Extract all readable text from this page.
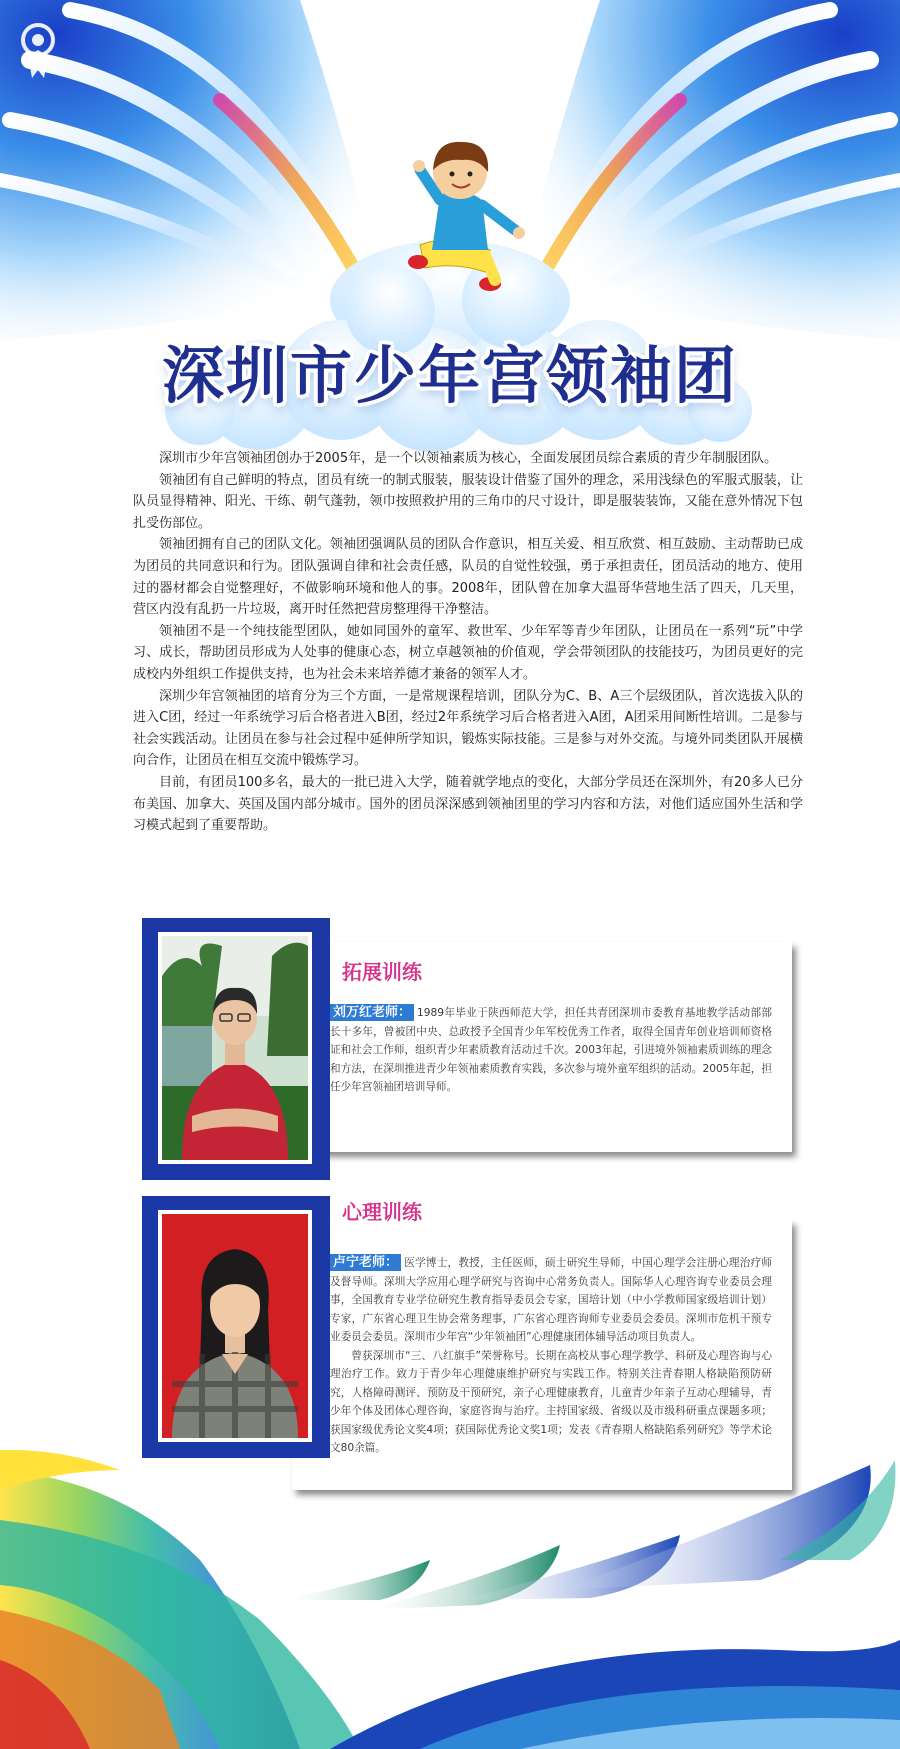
深圳市少年宫领袖团

深圳市少年宫领袖团创办于2005年，是一个以领袖素质为核心，全面发展团员综合素质的青少年制服团队。

领袖团有自己鲜明的特点，团员有统一的制式服装，服装设计借鉴了国外的理念，采用浅绿色的军服式服装，让队员显得精神、阳光、干练、朝气蓬勃，领巾按照救护用的三角巾的尺寸设计，即是服装装饰，又能在意外情况下包扎受伤部位。

领袖团拥有自己的团队文化。领袖团强调队员的团队合作意识，相互关爱、相互欣赏、相互鼓励、主动帮助已成为团员的共同意识和行为。团队强调自律和社会责任感，队员的自觉性较强，勇于承担责任，团员活动的地方、使用过的器材都会自觉整理好，不做影响环境和他人的事。2008年，团队曾在加拿大温哥华营地生活了四天，几天里，营区内没有乱扔一片垃圾，离开时任然把营房整理得干净整洁。

领袖团不是一个纯技能型团队，她如同国外的童军、救世军、少年军等青少年团队，让团员在一系列“玩”中学习、成长，帮助团员形成为人处事的健康心态，树立卓越领袖的价值观，学会带领团队的技能技巧，为团员更好的完成校内外组织工作提供支持，也为社会未来培养德才兼备的领军人才。

深圳少年宫领袖团的培育分为三个方面，一是常规课程培训，团队分为C、B、A三个层级团队，首次选拔入队的进入C团，经过一年系统学习后合格者进入B团，经过2年系统学习后合格者进入A团，A团采用间断性培训。二是参与社会实践活动。让团员在参与社会过程中延伸所学知识，锻炼实际技能。三是参与对外交流。与境外同类团队开展横向合作，让团员在相互交流中锻炼学习。

目前，有团员100多名，最大的一批已进入大学，随着就学地点的变化，大部分学员还在深圳外，有20多人已分布美国、加拿大、英国及国内部分城市。国外的团员深深感到领袖团里的学习内容和方法，对他们适应国外生活和学习模式起到了重要帮助。

刘万红老师： 1989年毕业于陕西师范大学，担任共青团深圳市委教育基地教学活动部部长十多年，曾被团中央、总政授予全国青少年军校优秀工作者，取得全国青年创业培训师资格证和社会工作师，组织青少年素质教育活动过千次。2003年起，引进境外领袖素质训练的理念和方法，在深圳推进青少年领袖素质教育实践，多次参与境外童军组织的活动。2005年起，担任少年宫领袖团培训导师。

拓展训练

卢宁老师： 医学博士，教授，主任医师，硕士研究生导师，中国心理学会注册心理治疗师及督导师。深圳大学应用心理学研究与咨询中心常务负责人。国际华人心理咨询专业委员会理事，全国教育专业学位研究生教育指导委员会专家，国培计划（中小学教师国家级培训计划）专家，广东省心理卫生协会常务理事，广东省心理咨询师专业委员会委员。深圳市危机干预专业委员会委员。深圳市少年宫“少年领袖团”心理健康团体辅导活动项目负责人。

曾获深圳市“三、八红旗手”荣誉称号。长期在高校从事心理学教学、科研及心理咨询与心理治疗工作。致力于青少年心理健康维护研究与实践工作。特别关注青春期人格缺陷预防研究，人格障碍测评、预防及干预研究，亲子心理健康教育，儿童青少年亲子互动心理辅导，青少年个体及团体心理咨询，家庭咨询与治疗。主持国家级、省级以及市级科研重点课题多项；获国家级优秀论文奖4项；获国际优秀论文奖1项；发表《青春期人格缺陷系列研究》等学术论文80余篇。

心理训练
